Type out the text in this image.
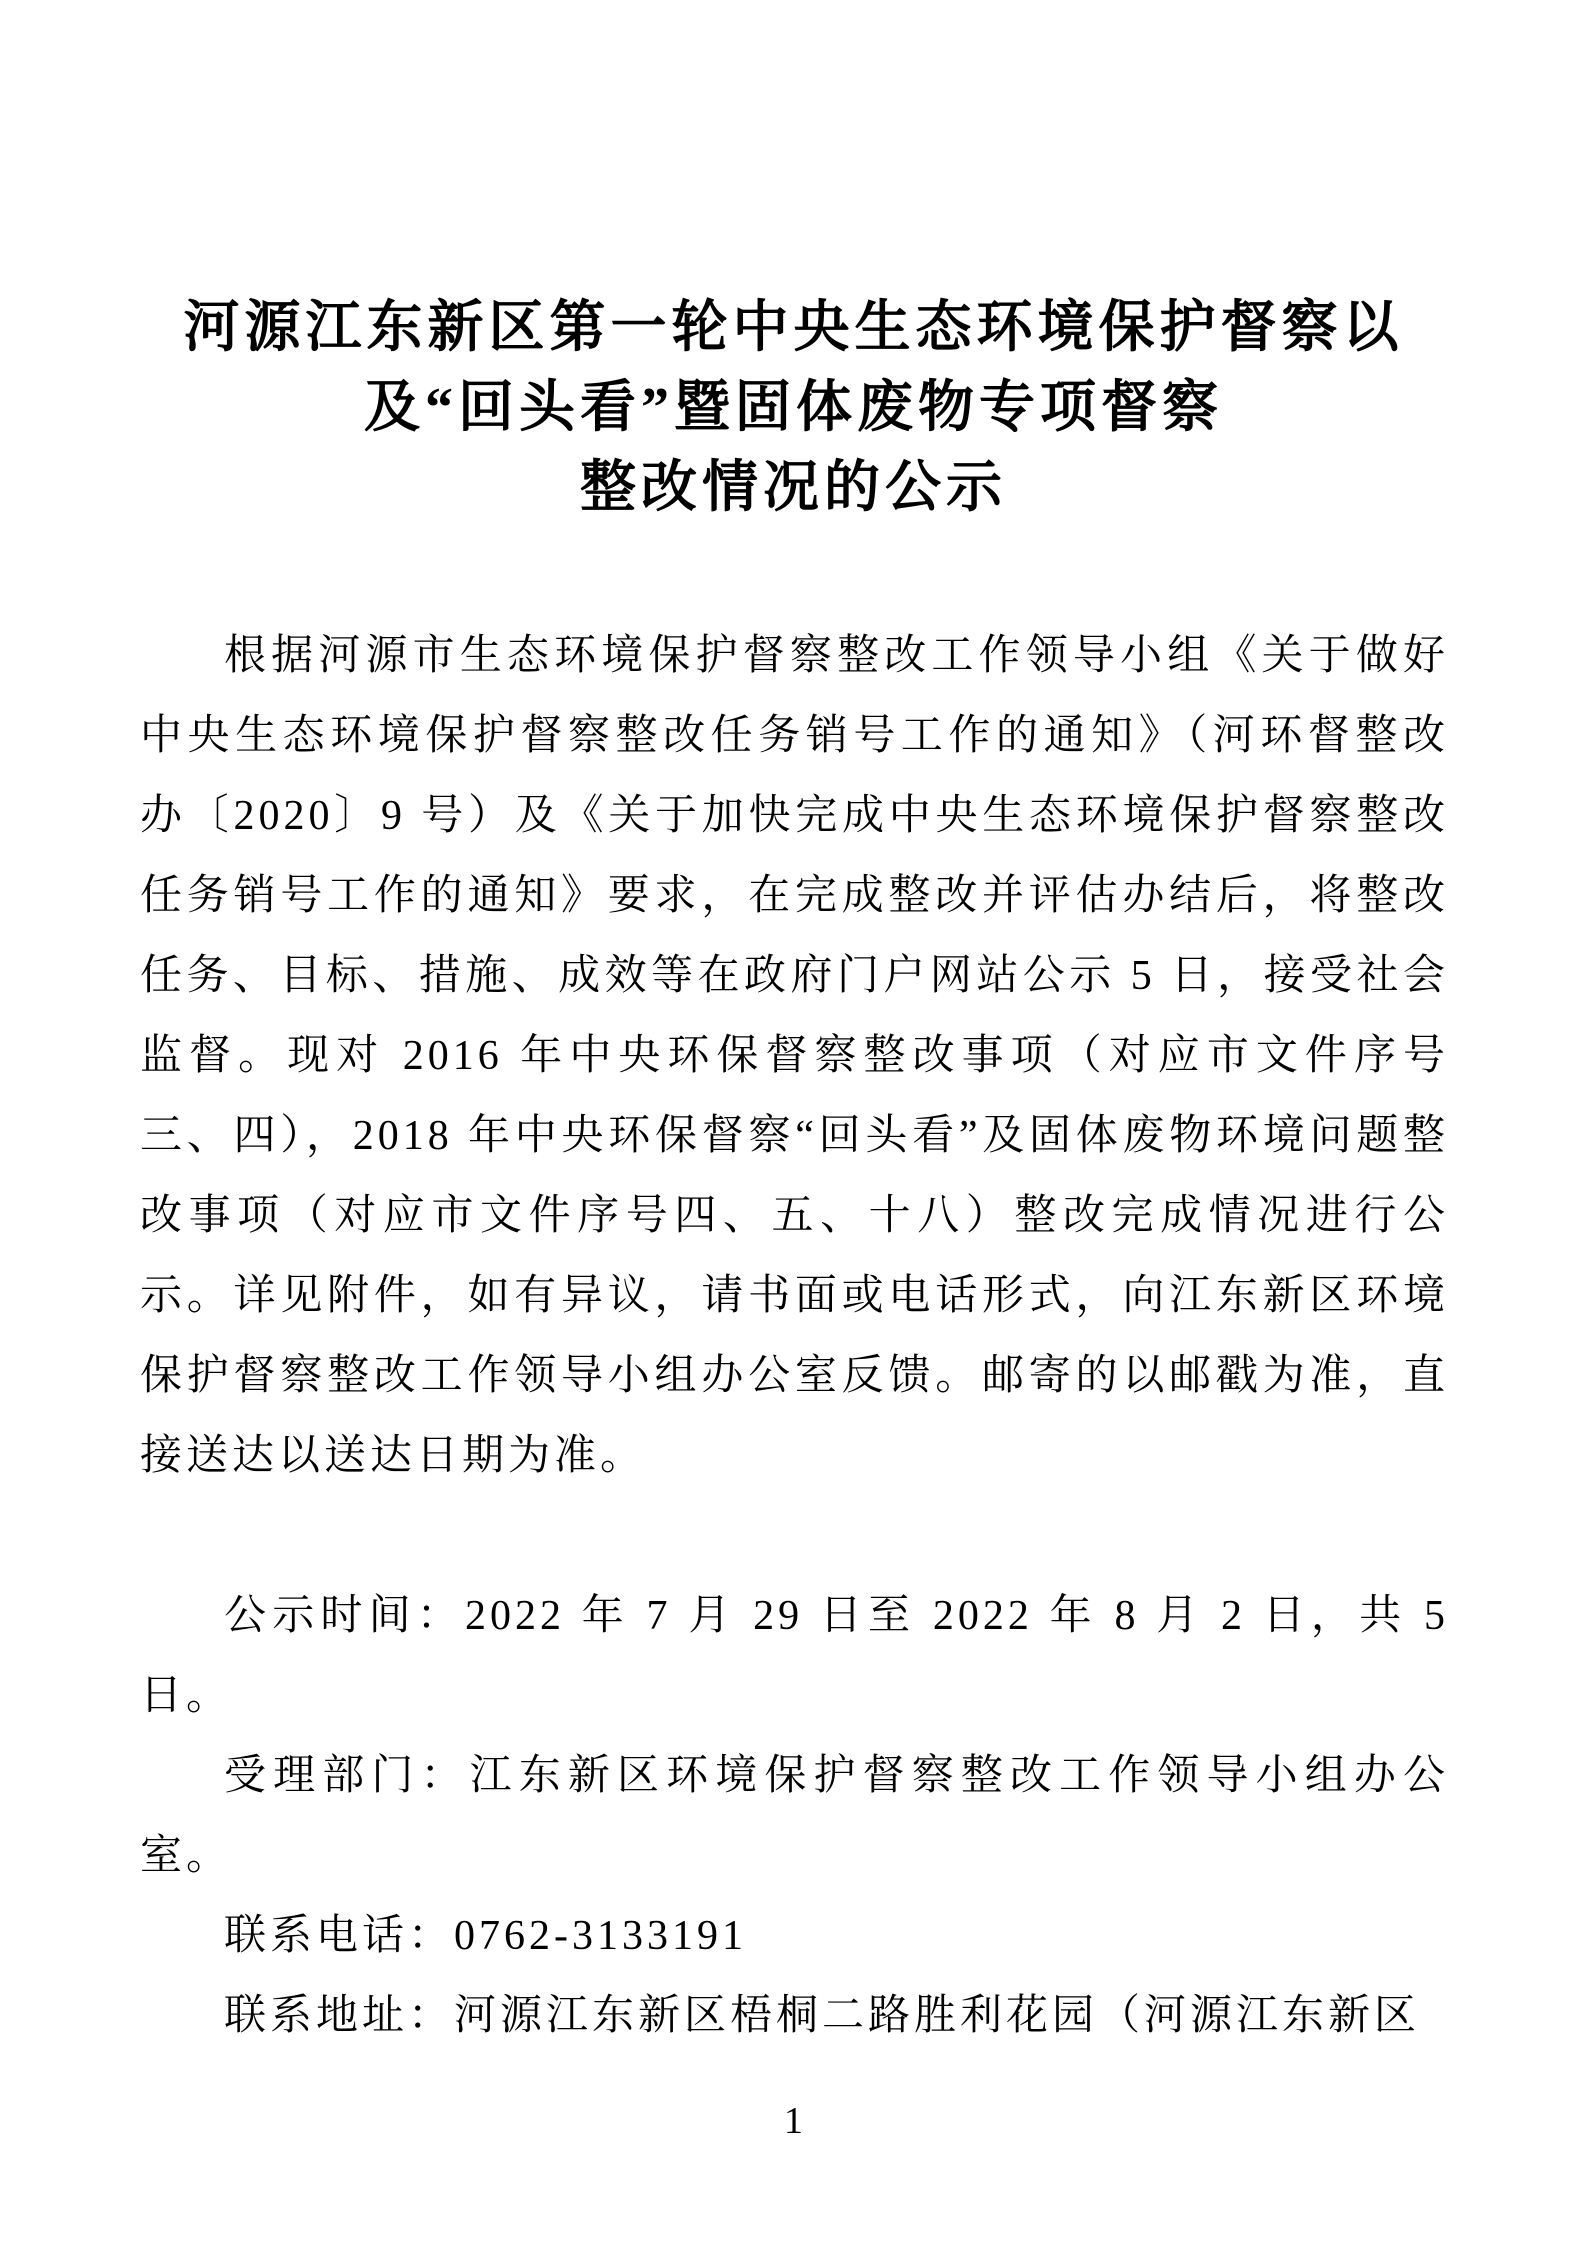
河源江东新区第一轮中央生态环境保护督察以
及“回头看”暨固体废物专项督察
整改情况的公示

根据河源市生态环境保护督察整改工作领导小组《关于做好中央生态环境保护督察整改任务销号工作的通知》（河环督整改办〔2020〕9 号）及《关于加快完成中央生态环境保护督察整改任务销号工作的通知》要求，在完成整改并评估办结后，将整改任务、目标、措施、成效等在政府门户网站公示 5 日，接受社会监督。现对 2016 年中央环保督察整改事项（对应市文件序号三、四），2018 年中央环保督察“回头看”及固体废物环境问题整改事项（对应市文件序号四、五、十八）整改完成情况进行公示。详见附件，如有异议，请书面或电话形式，向江东新区环境保护督察整改工作领导小组办公室反馈。邮寄的以邮戳为准，直接送达以送达日期为准。

公示时间：2022 年 7 月 29 日至 2022 年 8 月 2 日，共 5 日。

受理部门：江东新区环境保护督察整改工作领导小组办公室。

联系电话：0762-3133191

联系地址：河源江东新区梧桐二路胜利花园（河源江东新区

1
